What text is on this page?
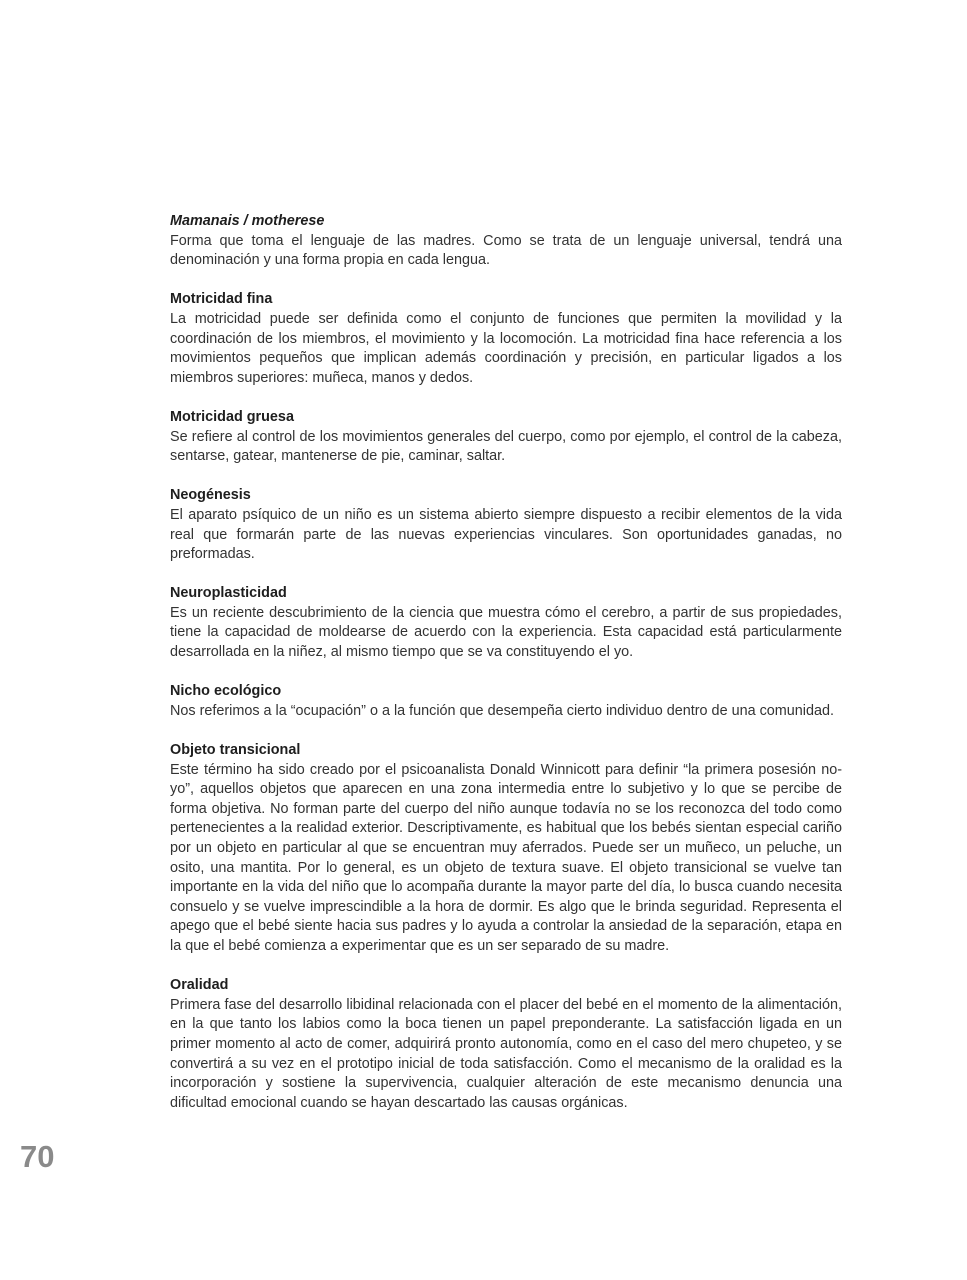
Mamanais / motherese

Forma que toma el lenguaje de las madres. Como se trata de un lenguaje universal, tendrá una denominación y una forma propia en cada lengua.

Motricidad fina

La motricidad puede ser definida como el conjunto de funciones que permiten la movilidad y la coordinación de los miembros, el movimiento y la locomoción. La motricidad fina hace referencia a los movimientos pequeños que implican además coordinación y precisión, en particular ligados a los miembros superiores: muñeca, manos y dedos.

Motricidad gruesa

Se refiere al control de los movimientos generales del cuerpo, como por ejemplo, el control de la cabeza, sentarse, gatear, mantenerse de pie, caminar, saltar.

Neogénesis

El aparato psíquico de un niño es un sistema abierto siempre dispuesto a recibir elementos de la vida real que formarán parte de las nuevas experiencias vinculares. Son oportunidades ganadas, no preformadas.

Neuroplasticidad

Es un reciente descubrimiento de la ciencia que muestra cómo el cerebro, a partir de sus propiedades, tiene la capacidad de moldearse de acuerdo con la experiencia. Esta capacidad está particularmente desarrollada en la niñez, al mismo tiempo que se va constituyendo el yo.

Nicho ecológico

Nos referimos a la “ocupación” o a la función que desempeña cierto individuo dentro de una comunidad.

Objeto transicional

Este término ha sido creado por el psicoanalista Donald Winnicott para definir “la primera posesión no-yo”, aquellos objetos que aparecen en una zona intermedia entre lo subjetivo y lo que se percibe de forma objetiva. No forman parte del cuerpo del niño aunque todavía no se los reconozca del todo como pertenecientes a la realidad exterior. Descriptivamente, es habitual que los bebés sientan especial cariño por un objeto en particular al que se encuentran muy aferrados. Puede ser un muñeco, un peluche, un osito, una mantita. Por lo general, es un objeto de textura suave. El objeto transicional se vuelve tan importante en la vida del niño que lo acompaña durante la mayor parte del día, lo busca cuando necesita consuelo y se vuelve imprescindible a la hora de dormir. Es algo que le brinda seguridad. Representa el apego que el bebé siente hacia sus padres y lo ayuda a controlar la ansiedad de la separación, etapa en la que el bebé comienza a experimentar que es un ser separado de su madre.

Oralidad

Primera fase del desarrollo libidinal relacionada con el placer del bebé en el momento de la alimentación, en la que tanto los labios como la boca tienen un papel preponderante. La satisfacción ligada en un primer momento al acto de comer, adquirirá pronto autonomía, como en el caso del mero chupeteo, y se convertirá a su vez en el prototipo inicial de toda satisfacción. Como el mecanismo de la oralidad es la incorporación y sostiene la supervivencia, cualquier alteración de este mecanismo denuncia una dificultad emocional cuando se hayan descartado las causas orgánicas.

70
